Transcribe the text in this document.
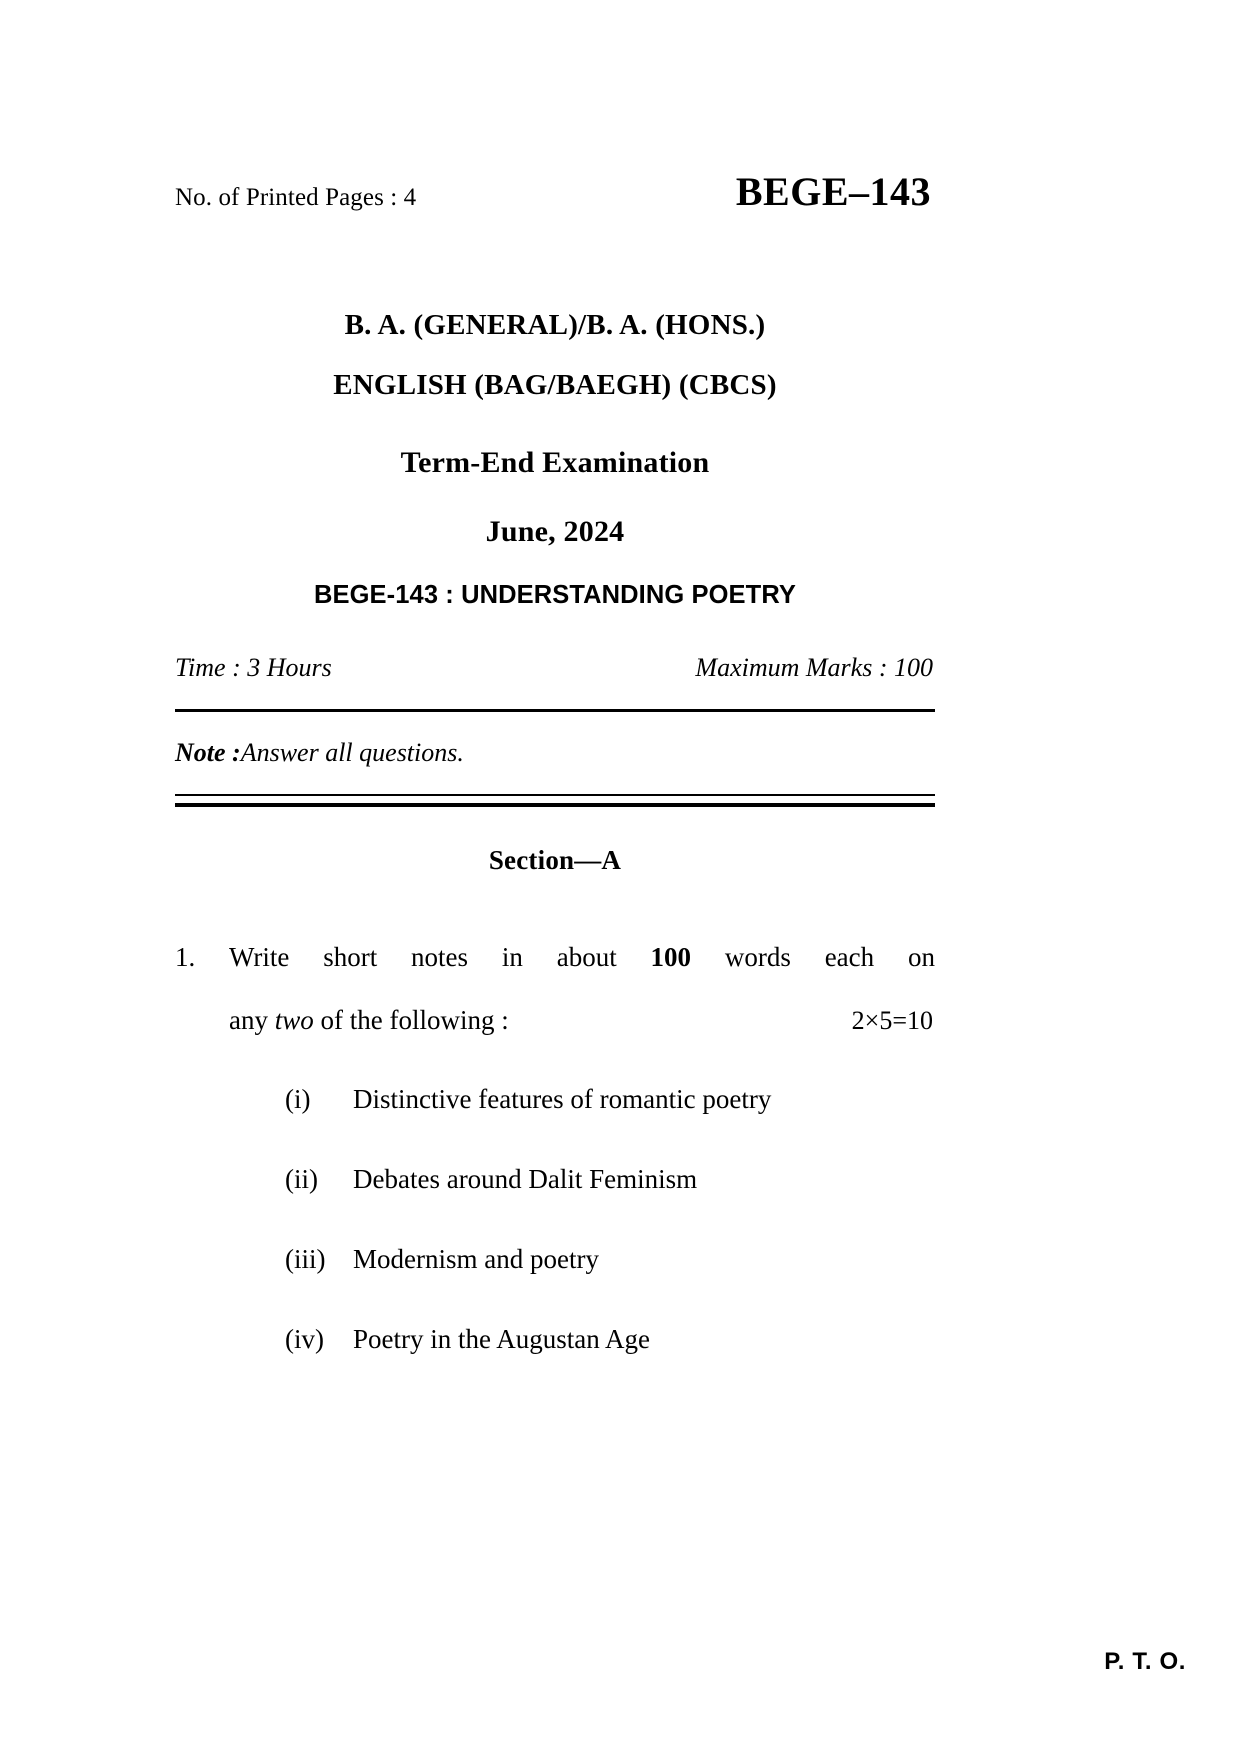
No. of Printed Pages : 4	BEGE–143
B. A. (GENERAL)/B. A. (HONS.)
ENGLISH (BAG/BAEGH) (CBCS)
Term-End Examination
June, 2024
BEGE-143 : UNDERSTANDING POETRY
Time : 3 Hours	Maximum Marks : 100
Note :Answer all questions.
Section—A
1.	Write short notes in about 100 words each on
any two of the following :	2×5=10
(i)	Distinctive features of romantic poetry
(ii)	Debates around Dalit Feminism
(iii)	Modernism and poetry
(iv)	Poetry in the Augustan Age
P. T. O.
